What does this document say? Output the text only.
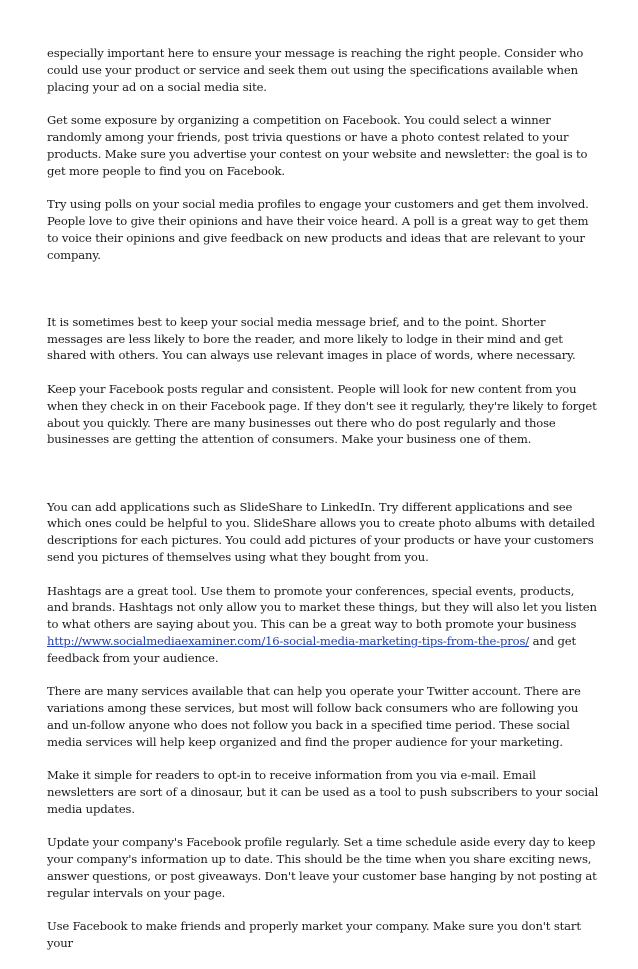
especially important here to ensure your message is reaching the right people. Consider who could use your product or service and seek them out using the specifications available when placing your ad on a social media site.

Get some exposure by organizing a competition on Facebook. You could select a winner randomly among your friends, post trivia questions or have a photo contest related to your products. Make sure you advertise your contest on your website and newsletter: the goal is to get more people to find you on Facebook.

Try using polls on your social media profiles to engage your customers and get them involved. People love to give their opinions and have their voice heard. A poll is a great way to get them to voice their opinions and give feedback on new products and ideas that are relevant to your company.

It is sometimes best to keep your social media message brief, and to the point. Shorter messages are less likely to bore the reader, and more likely to lodge in their mind and get shared with others. You can always use relevant images in place of words, where necessary.

Keep your Facebook posts regular and consistent. People will look for new content from you when they check in on their Facebook page. If they don't see it regularly, they're likely to forget about you quickly. There are many businesses out there who do post regularly and those businesses are getting the attention of consumers. Make your business one of them.

You can add applications such as SlideShare to LinkedIn. Try different applications and see which ones could be helpful to you. SlideShare allows you to create photo albums with detailed descriptions for each pictures. You could add pictures of your products or have your customers send you pictures of themselves using what they bought from you.

Hashtags are a great tool. Use them to promote your conferences, special events, products, and brands. Hashtags not only allow you to market these things, but they will also let you listen to what others are saying about you. This can be a great way to both promote your business http://www.socialmediaexaminer.com/16-social-media-marketing-tips-from-the-pros/ and get feedback from your audience.

There are many services available that can help you operate your Twitter account. There are variations among these services, but most will follow back consumers who are following you and un-follow anyone who does not follow you back in a specified time period. These social media services will help keep organized and find the proper audience for your marketing.

Make it simple for readers to opt-in to receive information from you via e-mail. Email newsletters are sort of a dinosaur, but it can be used as a tool to push subscribers to your social media updates.

Update your company's Facebook profile regularly. Set a time schedule aside every day to keep your company's information up to date. This should be the time when you share exciting news, answer questions, or post giveaways. Don't leave your customer base hanging by not posting at regular intervals on your page.

Use Facebook to make friends and properly market your company. Make sure you don't start your
